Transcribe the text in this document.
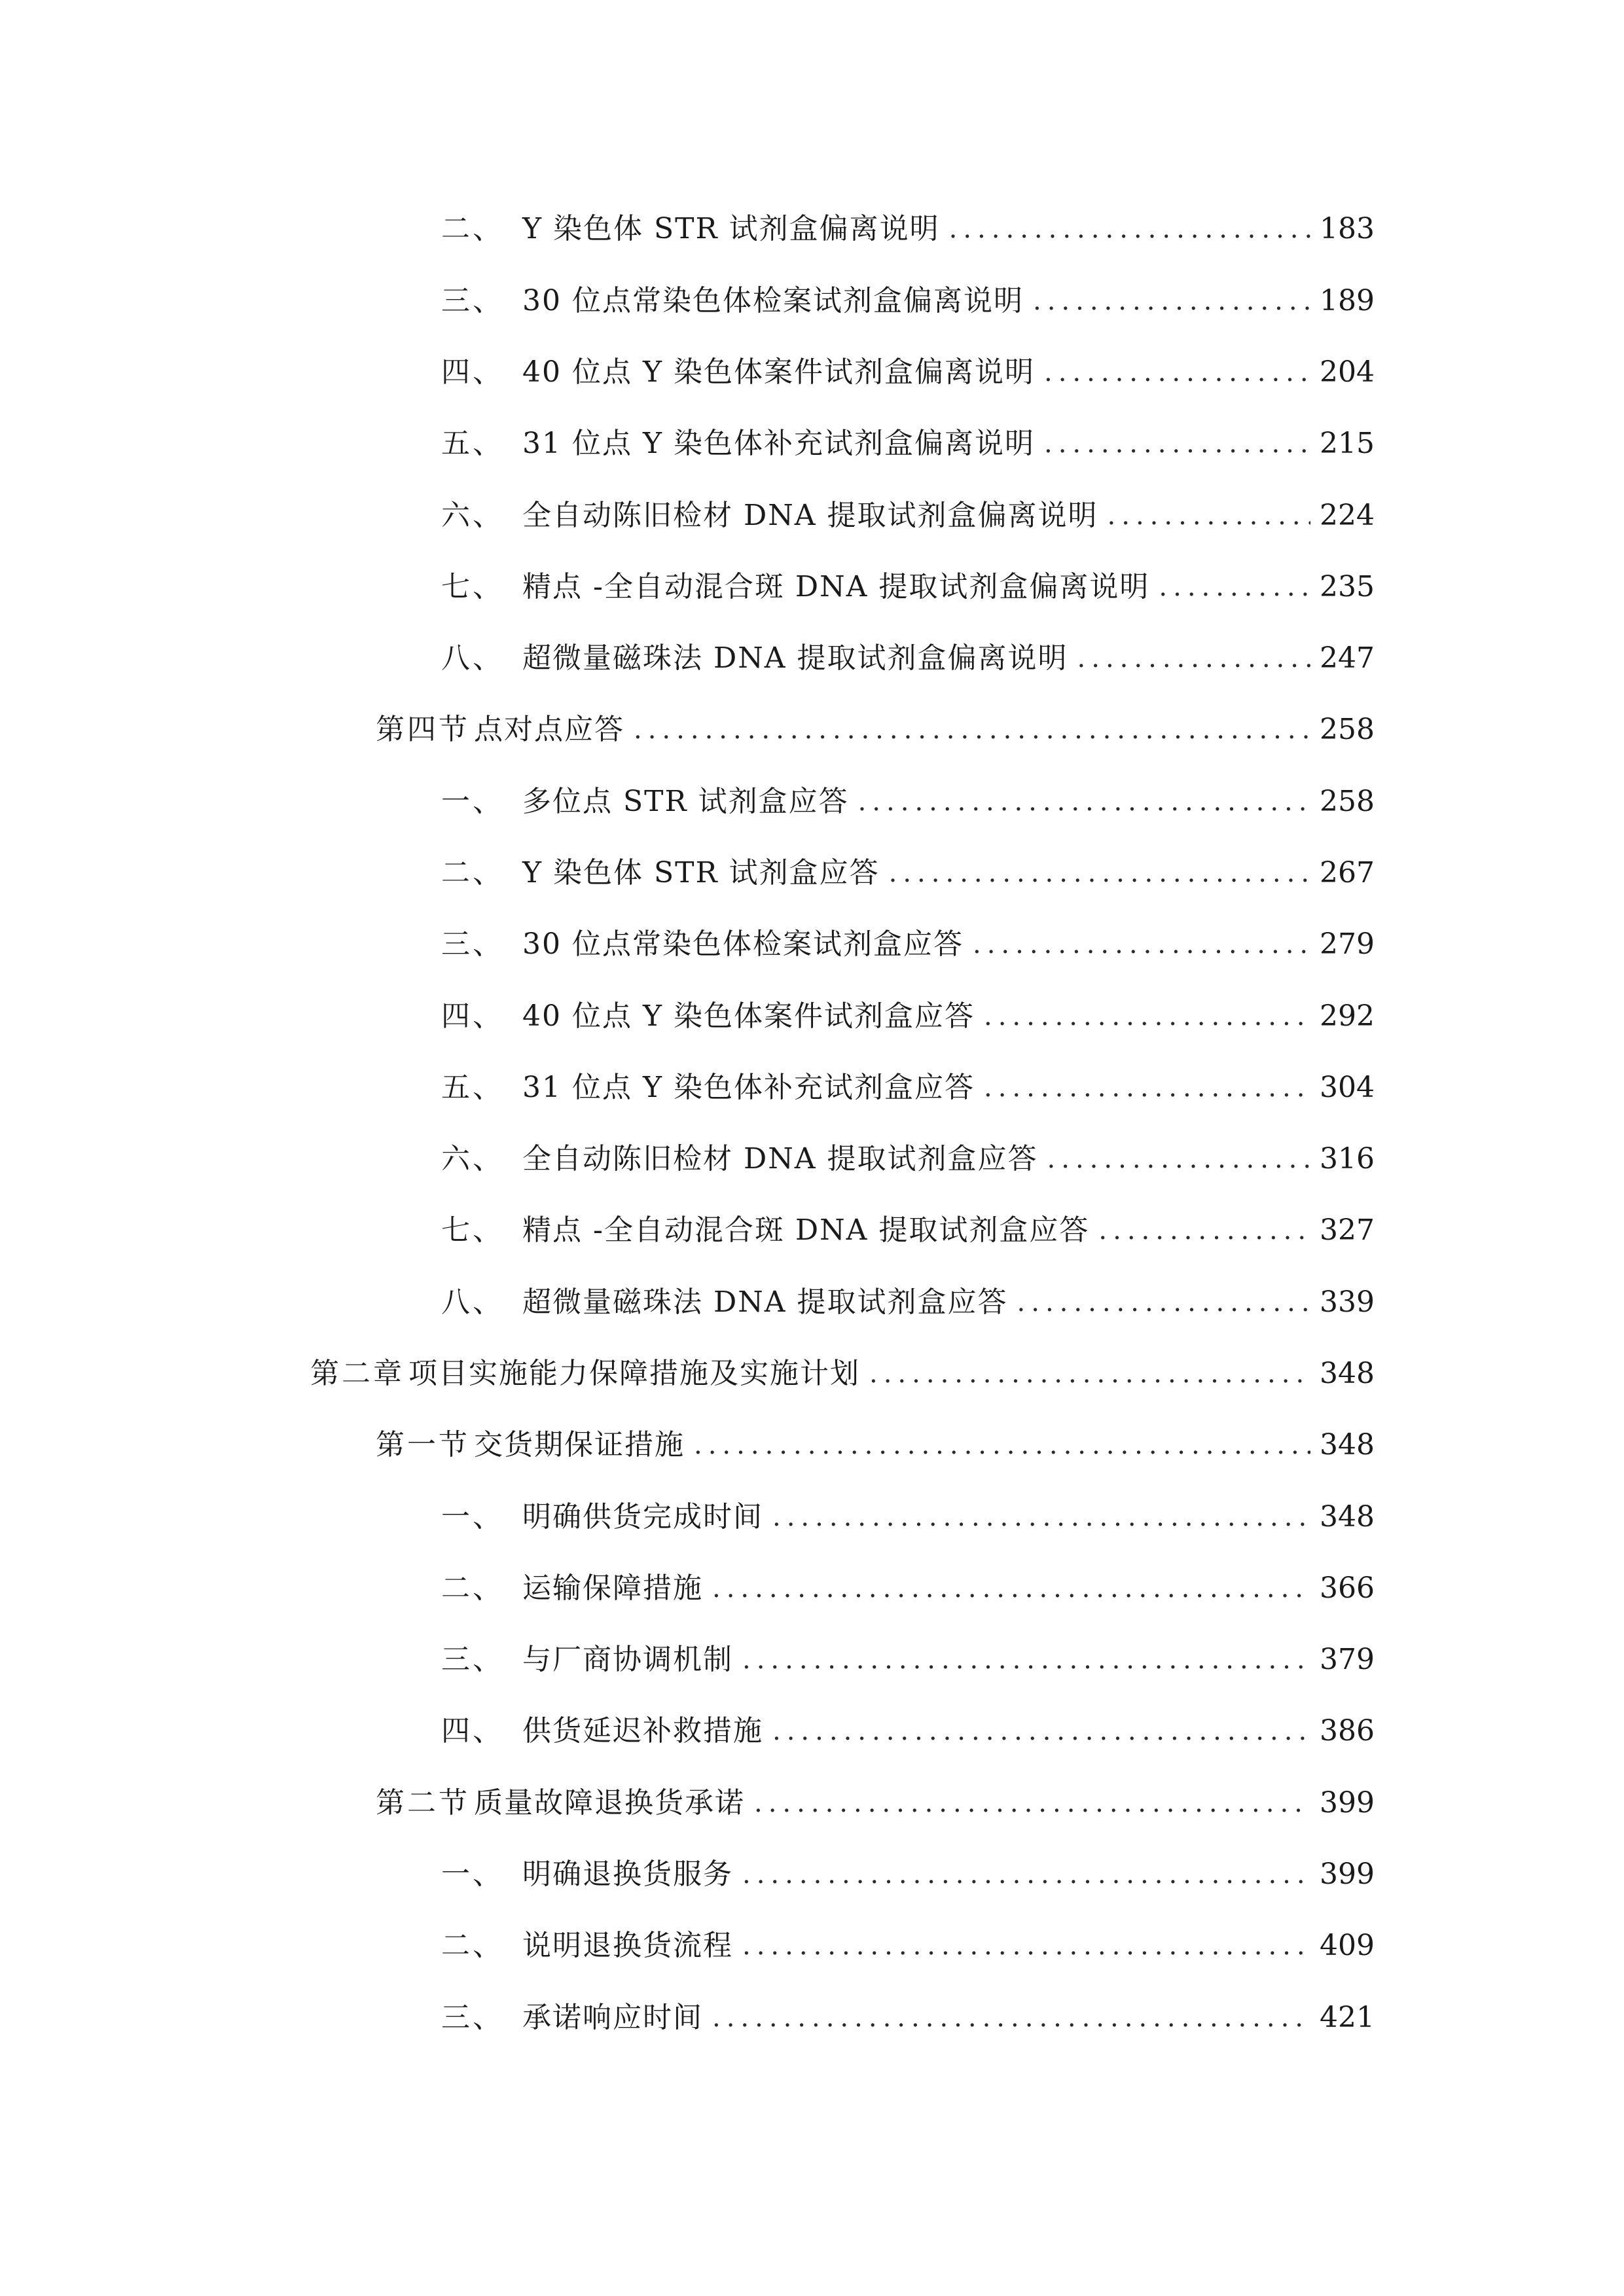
二、 Y 染色体 STR 试剂盒偏离说明 .....	183
三、 30 位点常染色体检案试剂盒偏离说明 .....	189
四、 40 位点 Y 染色体案件试剂盒偏离说明 .....	204
五、 31 位点 Y 染色体补充试剂盒偏离说明 .....	215
六、 全自动陈旧检材 DNA 提取试剂盒偏离说明 .....	224
七、 精点 -全自动混合斑 DNA 提取试剂盒偏离说明 .....	235
八、 超微量磁珠法 DNA 提取试剂盒偏离说明 .....	247
第四节 点对点应答 .....	258
一、 多位点 STR 试剂盒应答 .....	258
二、 Y 染色体 STR 试剂盒应答 .....	267
三、 30 位点常染色体检案试剂盒应答 .....	279
四、 40 位点 Y 染色体案件试剂盒应答 .....	292
五、 31 位点 Y 染色体补充试剂盒应答 .....	304
六、 全自动陈旧检材 DNA 提取试剂盒应答 .....	316
七、 精点 -全自动混合斑 DNA 提取试剂盒应答 .....	327
八、 超微量磁珠法 DNA 提取试剂盒应答 .....	339
第二章 项目实施能力保障措施及实施计划 .....	348
第一节 交货期保证措施 .....	348
一、 明确供货完成时间 .....	348
二、 运输保障措施 .....	366
三、 与厂商协调机制 .....	379
四、 供货延迟补救措施 .....	386
第二节 质量故障退换货承诺 .....	399
一、 明确退换货服务 .....	399
二、 说明退换货流程 .....	409
三、 承诺响应时间 .....	421
